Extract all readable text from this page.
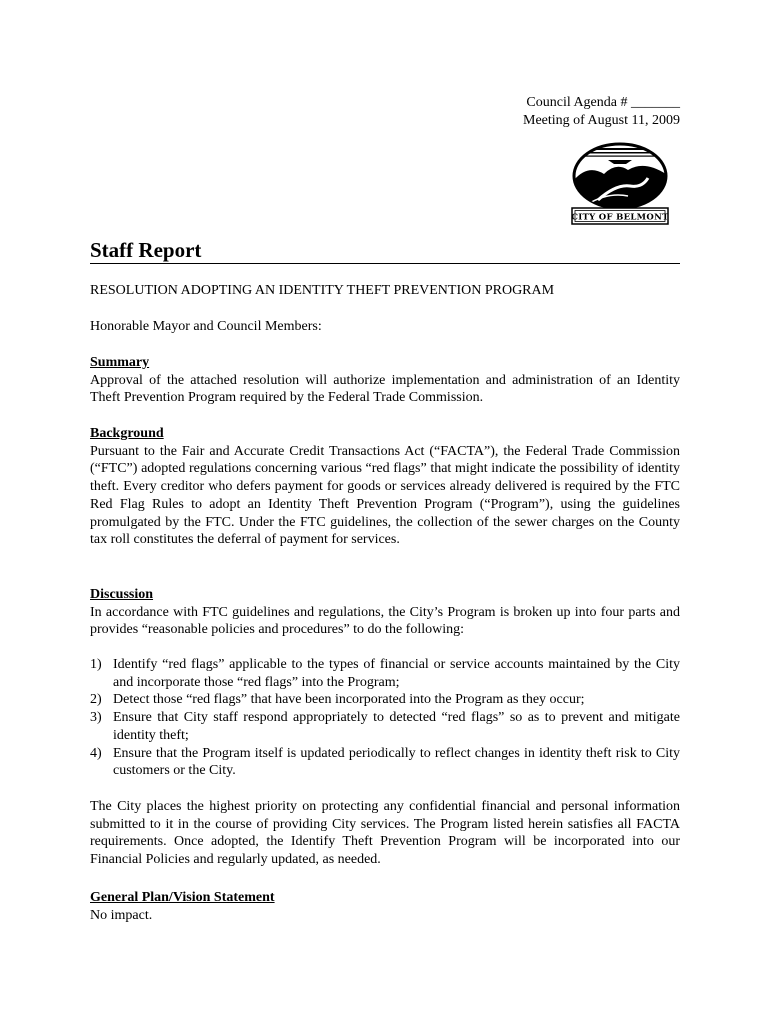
Council Agenda # _______
Meeting of August 11, 2009
CITY OF BELMONT
Staff Report
RESOLUTION ADOPTING AN IDENTITY THEFT PREVENTION PROGRAM
Honorable Mayor and Council Members:
Summary

Approval of the attached resolution will authorize implementation and administration of an Identity Theft Prevention Program required by the Federal Trade Commission.

Background

Pursuant to the Fair and Accurate Credit Transactions Act (“FACTA”), the Federal Trade Commission (“FTC”) adopted regulations concerning various “red flags” that might indicate the possibility of identity theft. Every creditor who defers payment for goods or services already delivered is required by the FTC Red Flag Rules to adopt an Identity Theft Prevention Program (“Program”), using the guidelines promulgated by the FTC. Under the FTC guidelines, the collection of the sewer charges on the County tax roll constitutes the deferral of payment for services.

Discussion

In accordance with FTC guidelines and regulations, the City’s Program is broken up into four parts and provides “reasonable policies and procedures” to do the following:

1) Identify “red flags” applicable to the types of financial or service accounts maintained by the City and incorporate those “red flags” into the Program;
2) Detect those “red flags” that have been incorporated into the Program as they occur;
3) Ensure that City staff respond appropriately to detected “red flags” so as to prevent and mitigate identity theft;
4) Ensure that the Program itself is updated periodically to reflect changes in identity theft risk to City customers or the City.
The City places the highest priority on protecting any confidential financial and personal information submitted to it in the course of providing City services. The Program listed herein satisfies all FACTA requirements. Once adopted, the Identify Theft Prevention Program will be incorporated into our Financial Policies and regularly updated, as needed.
General Plan/Vision Statement

No impact.
